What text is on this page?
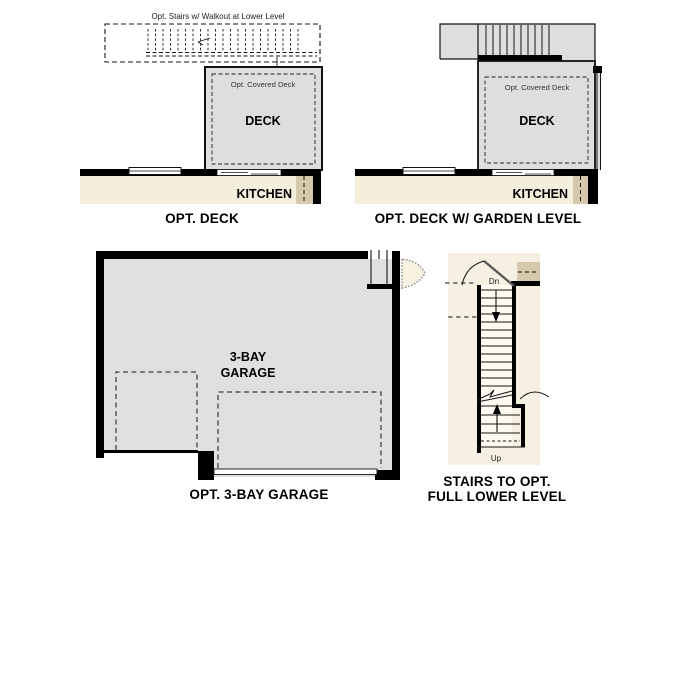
Opt. Stairs w/ Walkout at Lower Level
Opt. Covered Deck
DECK
KITCHEN
OPT. DECK
Opt. Covered Deck
DECK
KITCHEN
OPT. DECK W/ GARDEN LEVEL
3-BAY
GARAGE
OPT. 3-BAY GARAGE
Dn
Up
STAIRS TO OPT.
FULL LOWER LEVEL
